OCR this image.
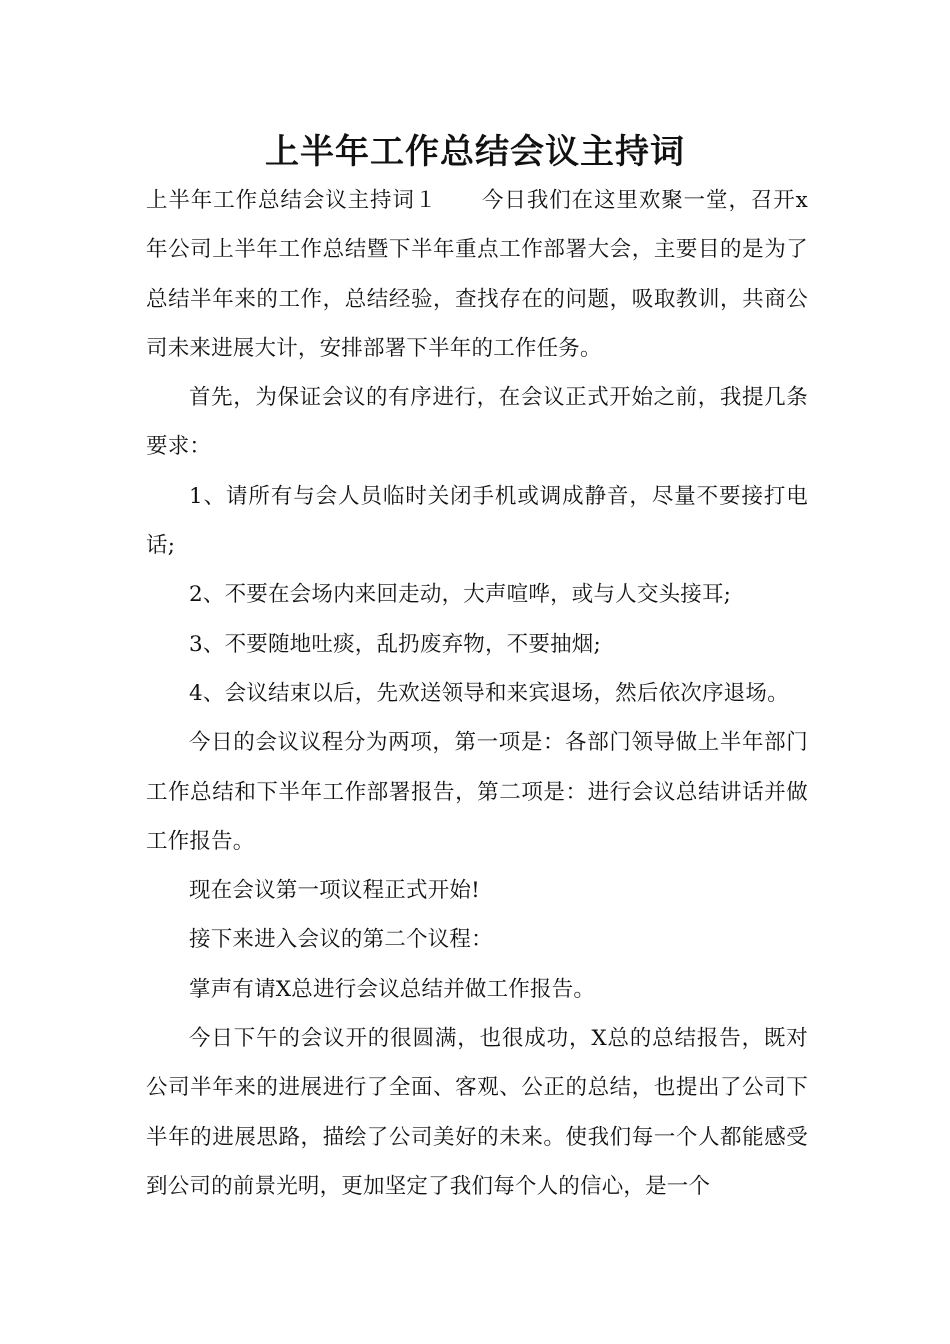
上半年工作总结会议主持词

上半年工作总结会议主持词１　　今日我们在这里欢聚一堂，召开x年公司上半年工作总结暨下半年重点工作部署大会，主要目的是为了总结半年来的工作，总结经验，查找存在的问题，吸取教训，共商公司未来进展大计，安排部署下半年的工作任务。

首先，为保证会议的有序进行，在会议正式开始之前，我提几条要求：

1、请所有与会人员临时关闭手机或调成静音，尽量不要接打电话;

2、不要在会场内来回走动，大声喧哗，或与人交头接耳;

3、不要随地吐痰，乱扔废弃物，不要抽烟;

4、会议结束以后，先欢送领导和来宾退场，然后依次序退场。

今日的会议议程分为两项，第一项是：各部门领导做上半年部门工作总结和下半年工作部署报告，第二项是：进行会议总结讲话并做工作报告。

现在会议第一项议程正式开始!

接下来进入会议的第二个议程：

掌声有请X总进行会议总结并做工作报告。

今日下午的会议开的很圆满，也很成功，X总的总结报告，既对公司半年来的进展进行了全面、客观、公正的总结，也提出了公司下半年的进展思路，描绘了公司美好的未来。使我们每一个人都能感受到公司的前景光明，更加坚定了我们每个人的信心，是一个
